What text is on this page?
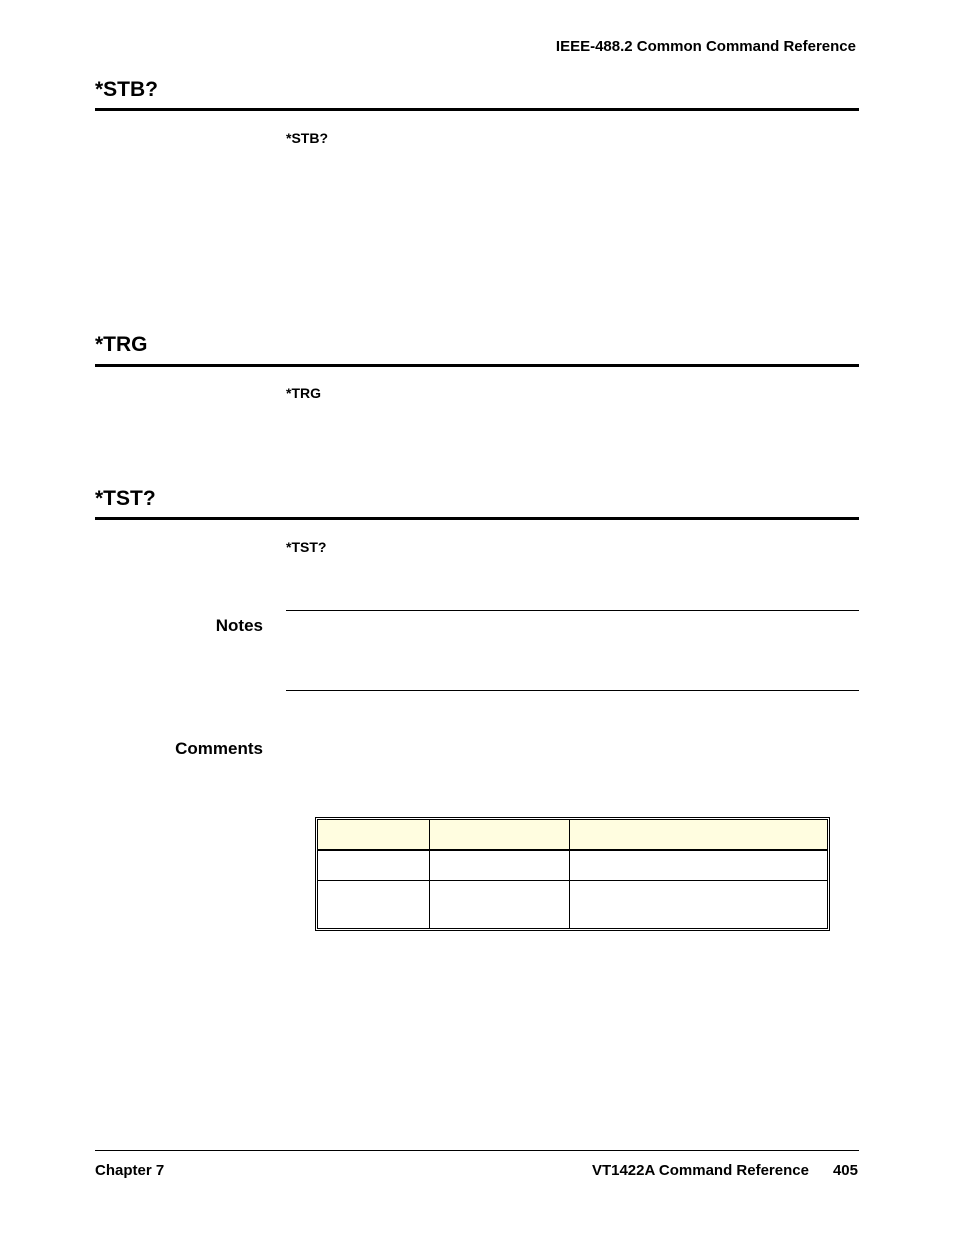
IEEE-488.2 Common Command Reference
*STB?
*STB?
*TRG
*TRG
*TST?
*TST?
Notes
Comments

Chapter 7	VT1422A Command Reference 405
